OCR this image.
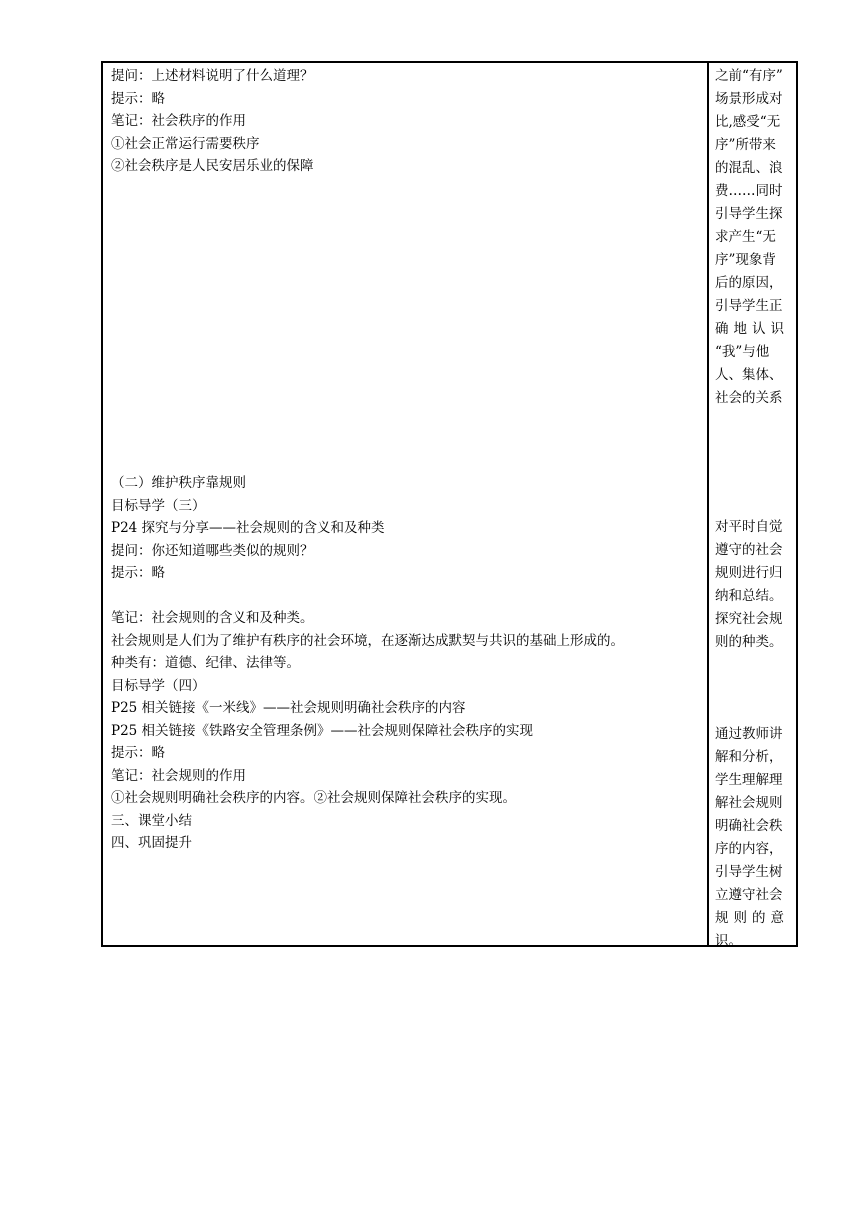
提问：上述材料说明了什么道理？
提示：略
笔记：社会秩序的作用
①社会正常运行需要秩序
②社会秩序是人民安居乐业的保障
（二）维护秩序靠规则
目标导学（三）
P24 探究与分享——社会规则的含义和及种类
提问：你还知道哪些类似的规则？
提示：略
笔记：社会规则的含义和及种类。
社会规则是人们为了维护有秩序的社会环境，在逐渐达成默契与共识的基础上形成的。
种类有：道德、纪律、法律等。
目标导学（四）
P25 相关链接《一米线》——社会规则明确社会秩序的内容
P25 相关链接《铁路安全管理条例》——社会规则保障社会秩序的实现
提示：略
笔记：社会规则的作用
①社会规则明确社会秩序的内容。②社会规则保障社会秩序的实现。
三、课堂小结
四、巩固提升
之前“有序”
场景形成对
比,感受“无
序”所带来
的混乱、浪
费……同时
引导学生探
求产生“无
序”现象背
后的原因，
引导学生正
确地认识
“我”与他
人、集体、
社会的关系
对平时自觉
遵守的社会
规则进行归
纳和总结。
探究社会规
则的种类。
通过教师讲
解和分析，
学生理解理
解社会规则
明确社会秩
序的内容，
引导学生树
立遵守社会
规则的意
识。
